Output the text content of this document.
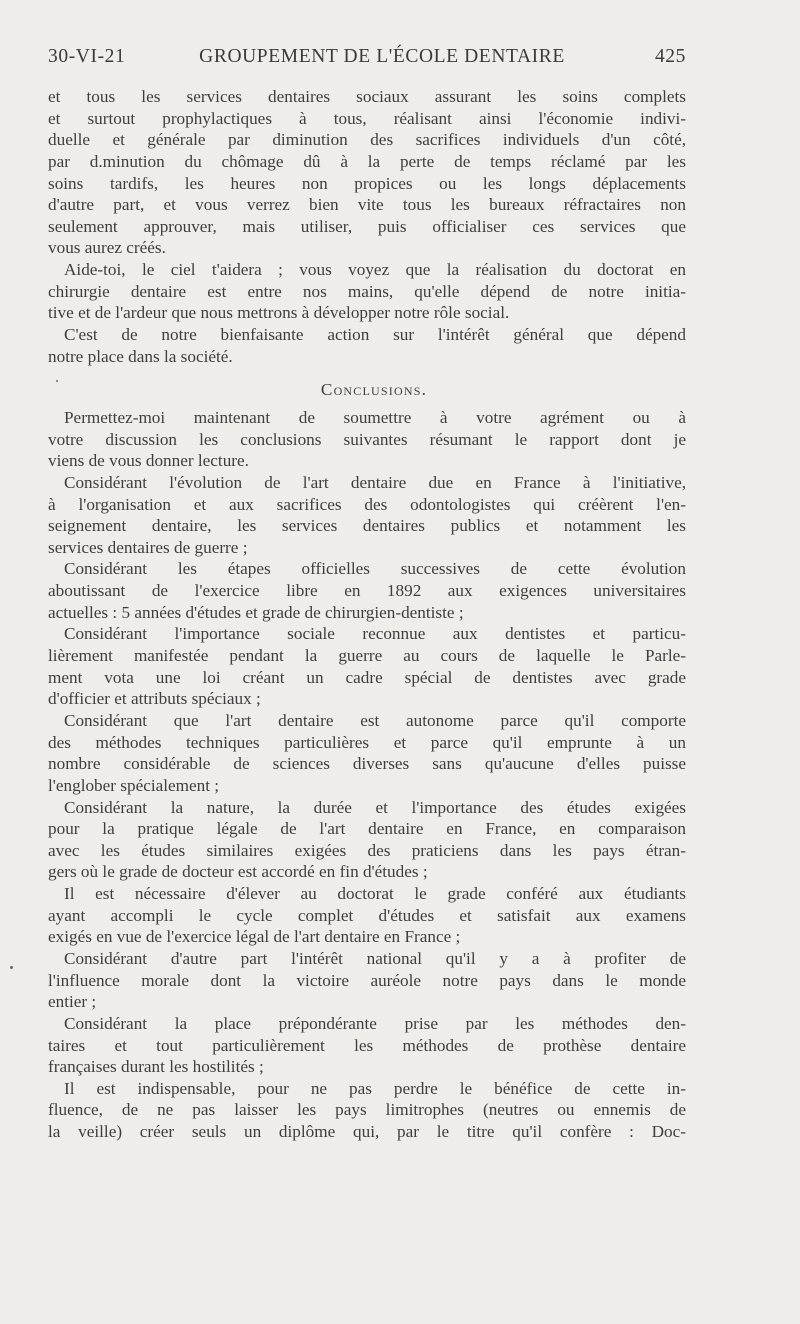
30-VI-21	GROUPEMENT DE L'ÉCOLE DENTAIRE	425
et tous les services dentaires sociaux assurant les soins complets
et surtout prophylactiques à tous, réalisant ainsi l'économie indivi-
duelle et générale par diminution des sacrifices individuels d'un côté,
par d.minution du chômage dû à la perte de temps réclamé par les
soins tardifs, les heures non propices ou les longs déplacements
d'autre part, et vous verrez bien vite tous les bureaux réfractaires non
seulement approuver, mais utiliser, puis officialiser ces services que
vous aurez créés.
Aide-toi, le ciel t'aidera ; vous voyez que la réalisation du doctorat en
chirurgie dentaire est entre nos mains, qu'elle dépend de notre initia-
tive et de l'ardeur que nous mettrons à développer notre rôle social.
C'est de notre bienfaisante action sur l'intérêt général que dépend
notre place dans la société.
Conclusions.
Permettez-moi maintenant de soumettre à votre agrément ou à
votre discussion les conclusions suivantes résumant le rapport dont je
viens de vous donner lecture.
Considérant l'évolution de l'art dentaire due en France à l'initiative,
à l'organisation et aux sacrifices des odontologistes qui créèrent l'en-
seignement dentaire, les services dentaires publics et notamment les
services dentaires de guerre ;
Considérant les étapes officielles successives de cette évolution
aboutissant de l'exercice libre en 1892 aux exigences universitaires
actuelles : 5 années d'études et grade de chirurgien-dentiste ;
Considérant l'importance sociale reconnue aux dentistes et particu-
lièrement manifestée pendant la guerre au cours de laquelle le Parle-
ment vota une loi créant un cadre spécial de dentistes avec grade
d'officier et attributs spéciaux ;
Considérant que l'art dentaire est autonome parce qu'il comporte
des méthodes techniques particulières et parce qu'il emprunte à un
nombre considérable de sciences diverses sans qu'aucune d'elles puisse
l'englober spécialement ;
Considérant la nature, la durée et l'importance des études exigées
pour la pratique légale de l'art dentaire en France, en comparaison
avec les études similaires exigées des praticiens dans les pays étran-
gers où le grade de docteur est accordé en fin d'études ;
Il est nécessaire d'élever au doctorat le grade conféré aux étudiants
ayant accompli le cycle complet d'études et satisfait aux examens
exigés en vue de l'exercice légal de l'art dentaire en France ;
Considérant d'autre part l'intérêt national qu'il y a à profiter de
l'influence morale dont la victoire auréole notre pays dans le monde
entier ;
Considérant la place prépondérante prise par les méthodes den-
taires et tout particulièrement les méthodes de prothèse dentaire
françaises durant les hostilités ;
Il est indispensable, pour ne pas perdre le bénéfice de cette in-
fluence, de ne pas laisser les pays limitrophes (neutres ou ennemis de
la veille) créer seuls un diplôme qui, par le titre qu'il confère : Doc-
